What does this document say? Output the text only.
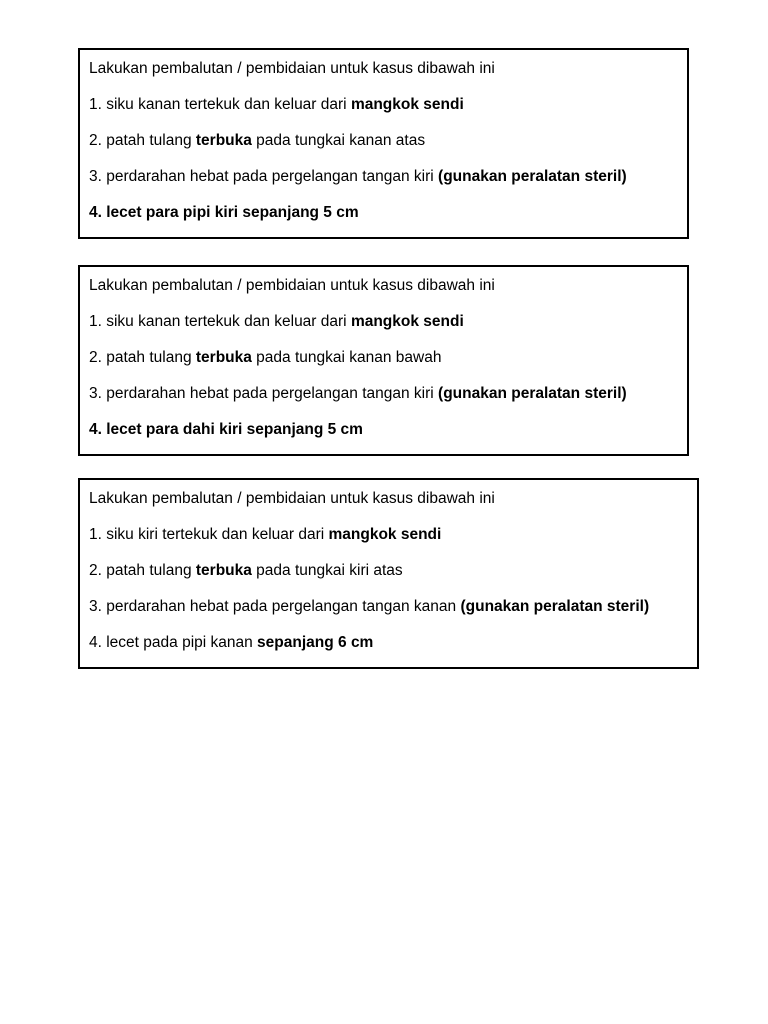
Lakukan pembalutan / pembidaian untuk kasus dibawah ini
1. siku kanan tertekuk dan keluar dari mangkok sendi
2. patah tulang terbuka pada tungkai kanan atas
3. perdarahan hebat pada pergelangan tangan kiri (gunakan peralatan steril)
4. lecet para pipi kiri sepanjang 5 cm
Lakukan pembalutan / pembidaian untuk kasus dibawah ini
1. siku kanan tertekuk dan keluar dari mangkok sendi
2. patah tulang terbuka pada tungkai kanan bawah
3. perdarahan hebat pada pergelangan tangan kiri (gunakan peralatan steril)
4. lecet para dahi kiri sepanjang 5 cm
Lakukan pembalutan / pembidaian untuk kasus dibawah ini
1. siku kiri tertekuk dan keluar dari mangkok sendi
2. patah tulang terbuka pada tungkai kiri atas
3. perdarahan hebat pada pergelangan tangan kanan (gunakan peralatan steril)
4. lecet pada pipi kanan sepanjang 6 cm
